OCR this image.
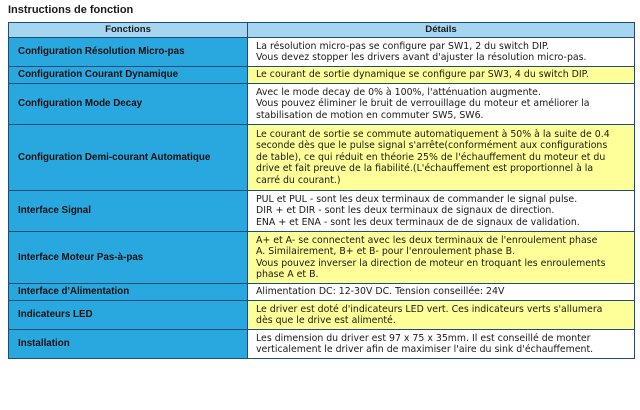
Instructions de fonction
Fonctions	Détails
Configuration Résolution Micro-pas	La résolution micro-pas se configure par SW1, 2 du switch DIP.
Vous devez stopper les drivers avant d'ajuster la résolution micro-pas.

Configuration Courant Dynamique	Le courant de sortie dynamique se configure par SW3, 4 du switch DIP.

Configuration Mode Decay	Avec le mode decay de 0% à 100%, l'atténuation augmente.
Vous pouvez éliminer le bruit de verrouillage du moteur et améliorer la
stabilisation de motion en commuter SW5, SW6.

Configuration Demi-courant Automatique	Le courant de sortie se commute automatiquement à 50% à la suite de 0.4
seconde dès que le pulse signal s'arrête(conformément aux configurations
de table), ce qui réduit en théorie 25% de l'échauffement du moteur et du
drive et fait preuve de la fiabilité.(L'échauffement est proportionnel à la
carré du courant.)

Interface Signal	PUL et PUL - sont les deux terminaux de commander le signal pulse.
DIR + et DIR - sont les deux terminaux de signaux de direction.
ENA + et ENA - sont les deux terminaux de de signaux de validation.

Interface Moteur Pas-à-pas	A+ et A- se connectent avec les deux terminaux de l'enroulement phase
A. Similairement, B+ et B- pour l'enroulement phase B.
Vous pouvez inverser la direction de moteur en troquant les enroulements
phase A et B.

Interface d'Alimentation	Alimentation DC: 12-30V DC. Tension conseillée: 24V

Indicateurs LED	Le driver est doté d'indicateurs LED vert. Ces indicateurs verts s'allumera
dès que le drive est alimenté.

Installation	Les dimension du driver est 97 x 75 x 35mm. Il est conseillé de monter
verticalement le driver afin de maximiser l'aire du sink d'échauffement.
